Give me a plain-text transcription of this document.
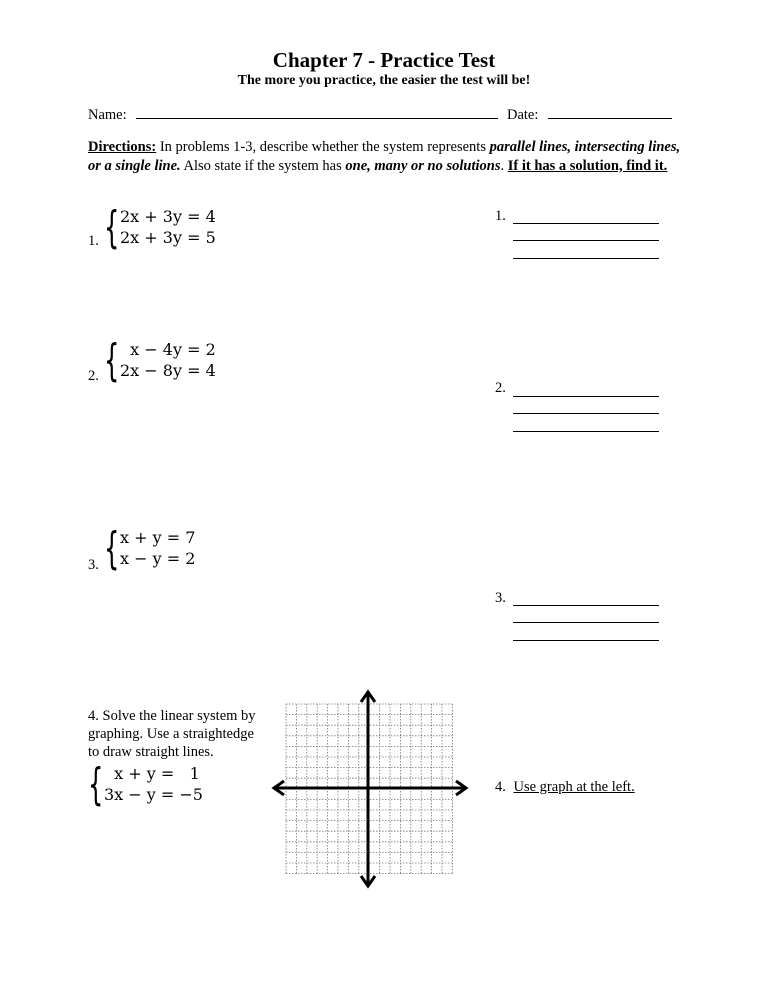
Chapter 7 - Practice Test
The more you practice, the easier the test will be!
Name:	Date:
Directions: In problems 1-3, describe whether the system represents parallel lines, intersecting lines, or a single line. Also state if the system has one, many or no solutions. If it has a solution, find it.
1. { 2x + 3y = 4
2x + 3y = 5
1.
2. { x − 4y = 2
2x − 8y = 4
2.
3. { x + y = 7
x − y = 2
3.
4. Solve the linear system by graphing. Use a straightedge to draw straight lines.
{ x + y =   1
3x − y = −5	4. Use graph at the left.
